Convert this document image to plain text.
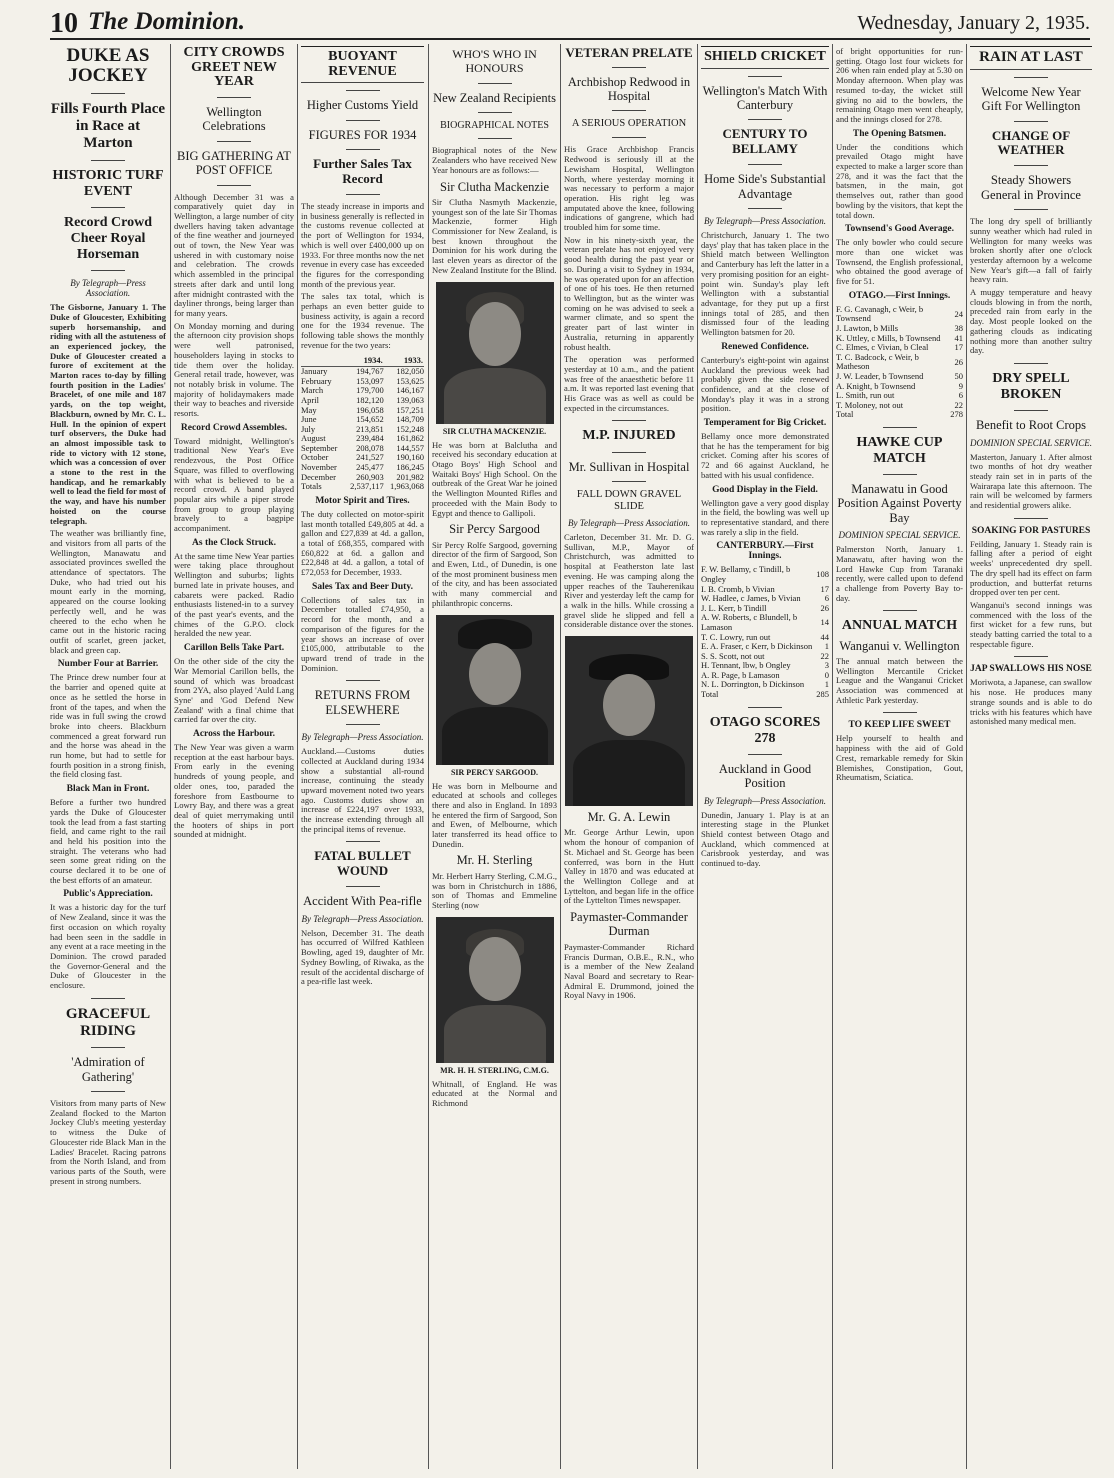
10 The Dominion.	Wednesday, January 2, 1935.
DUKE AS JOCKEY
Fills Fourth Place in Race at Marton
HISTORIC TURF EVENT
Record Crowd Cheer Royal Horseman
By Telegraph—Press Association.
The Gisborne, January 1. The Duke of Gloucester, Exhibiting superb horsemanship, and riding with all the astuteness of an experienced jockey, the Duke of Gloucester created a furore of excitement at the Marton races to-day by filling fourth position in the Ladies' Bracelet, of one mile and 187 yards, on the top weight, Blackburn, owned by Mr. C. L. Hull. In the opinion of expert turf observers, the Duke had an almost impossible task to ride to victory with 12 stone, which was a concession of over a stone to the rest in the handicap, and he remarkably well to lead the field for most of the way, and have his number hoisted on the course telegraph.
The weather was brilliantly fine, and visitors from all parts of the Wellington, Manawatu and associated provinces swelled the attendance of spectators. The Duke, who had tried out his mount early in the morning, appeared on the course looking perfectly well, and he was cheered to the echo when he came out in the historic racing outfit of scarlet, green jacket, black and green cap.
Number Four at Barrier.
The Prince drew number four at the barrier and opened quite at once as he settled the horse in front of the tapes, and when the ride was in full swing the crowd broke into cheers. Blackburn commenced a great forward run and the horse was ahead in the run home, but had to settle for fourth position in a strong finish, the field closing fast.
Black Man in Front.
Before a further two hundred yards the Duke of Gloucester took the lead from a fast starting field, and came right to the rail and held his position into the straight. The veterans who had seen some great riding on the course declared it to be one of the best efforts of an amateur.
Public's Appreciation.
It was a historic day for the turf of New Zealand, since it was the first occasion on which royalty had been seen in the saddle in any event at a race meeting in the Dominion. The crowd paraded the Governor-General and the Duke of Gloucester in the enclosure.
GRACEFUL RIDING
'Admiration of Gathering'
Visitors from many parts of New Zealand flocked to the Marton Jockey Club's meeting yesterday to witness the Duke of Gloucester ride Black Man in the Ladies' Bracelet. Racing patrons from the North Island, and from various parts of the South, were present in strong numbers.
CITY CROWDS GREET NEW YEAR
Wellington Celebrations
BIG GATHERING AT POST OFFICE
Although December 31 was a comparatively quiet day in Wellington, a large number of city dwellers having taken advantage of the fine weather and journeyed out of town, the New Year was ushered in with customary noise and celebration. The crowds which assembled in the principal streets after dark and until long after midnight contrasted with the dayliner throngs, being larger than for many years.
On Monday morning and during the afternoon city provision shops were well patronised, householders laying in stocks to tide them over the holiday. General retail trade, however, was not notably brisk in volume. The majority of holidaymakers made their way to beaches and riverside resorts.
Record Crowd Assembles.
Toward midnight, Wellington's traditional New Year's Eve rendezvous, the Post Office Square, was filled to overflowing with what is believed to be a record crowd. A band played popular airs while a piper strode from group to group playing bravely to a bagpipe accompaniment.
As the Clock Struck.
At the same time New Year parties were taking place throughout Wellington and suburbs; lights burned late in private houses, and cabarets were packed. Radio enthusiasts listened-in to a survey of the past year's events, and the chimes of the G.P.O. clock heralded the new year.
Carillon Bells Take Part.
On the other side of the city the War Memorial Carillon bells, the sound of which was broadcast from 2YA, also played 'Auld Lang Syne' and 'God Defend New Zealand' with a final chime that carried far over the city.
Across the Harbour.
The New Year was given a warm reception at the east harbour bays. From early in the evening hundreds of young people, and older ones, too, paraded the foreshore from Eastbourne to Lowry Bay, and there was a great deal of quiet merrymaking until the hooters of ships in port sounded at midnight.
BUOYANT REVENUE
Higher Customs Yield
FIGURES FOR 1934
Further Sales Tax Record
The steady increase in imports and in business generally is reflected in the customs revenue collected at the port of Wellington for 1934, which is well over £400,000 up on 1933. For three months now the net revenue in every case has exceeded the figures for the corresponding month of the previous year.
The sales tax total, which is perhaps an even better guide to business activity, is again a record one for the 1934 revenue. The following table shows the monthly revenue for the two years:
	1934.	1933.
January	194,767	182,050
February	153,097	153,625
March	179,700	146,167
April	182,120	139,063
May	196,058	157,251
June	154,652	148,709
July	213,851	152,248
August	239,484	161,862
September	208,078	144,557
October	241,527	190,160
November	245,477	186,245
December	260,903	201,982
Totals	2,537,117	1,963,068
Motor Spirit and Tires.
The duty collected on motor-spirit last month totalled £49,805 at 4d. a gallon and £27,839 at 4d. a gallon, a total of £68,355, compared with £60,822 at 6d. a gallon and £22,848 at 4d. a gallon, a total of £72,053 for December, 1933.
Sales Tax and Beer Duty.
Collections of sales tax in December totalled £74,950, a record for the month, and a comparison of the figures for the year shows an increase of over £105,000, attributable to the upward trend of trade in the Dominion.
RETURNS FROM ELSEWHERE
By Telegraph—Press Association.
Auckland.—Customs duties collected at Auckland during 1934 show a substantial all-round increase, continuing the steady upward movement noted two years ago. Customs duties show an increase of £224,197 over 1933, the increase extending through all the principal items of revenue.
FATAL BULLET WOUND
Accident With Pea-rifle
By Telegraph—Press Association.
Nelson, December 31. The death has occurred of Wilfred Kathleen Bowling, aged 19, daughter of Mr. Sydney Bowling, of Riwaka, as the result of the accidental discharge of a pea-rifle last week.
WHO'S WHO IN HONOURS
New Zealand Recipients
BIOGRAPHICAL NOTES
Biographical notes of the New Zealanders who have received New Year honours are as follows:—
Sir Clutha Mackenzie
Sir Clutha Nasmyth Mackenzie, youngest son of the late Sir Thomas Mackenzie, former High Commissioner for New Zealand, is best known throughout the Dominion for his work during the last eleven years as director of the New Zealand Institute for the Blind.
SIR CLUTHA MACKENZIE.
He was born at Balclutha and received his secondary education at Otago Boys' High School and Waitaki Boys' High School. On the outbreak of the Great War he joined the Wellington Mounted Rifles and proceeded with the Main Body to Egypt and thence to Gallipoli.
Sir Percy Sargood
Sir Percy Rolfe Sargood, governing director of the firm of Sargood, Son and Ewen, Ltd., of Dunedin, is one of the most prominent business men of the city, and has been associated with many commercial and philanthropic concerns.
SIR PERCY SARGOOD.
He was born in Melbourne and educated at schools and colleges there and also in England. In 1893 he entered the firm of Sargood, Son and Ewen, of Melbourne, which later transferred its head office to Dunedin.
Mr. H. Sterling
Mr. Herbert Harry Sterling, C.M.G., was born in Christchurch in 1886, son of Thomas and Emmeline Sterling (now
MR. H. H. STERLING, C.M.G.
Whitnall, of England. He was educated at the Normal and Richmond
VETERAN PRELATE
Archbishop Redwood in Hospital
A SERIOUS OPERATION
His Grace Archbishop Francis Redwood is seriously ill at the Lewisham Hospital, Wellington North, where yesterday morning it was necessary to perform a major operation. His right leg was amputated above the knee, following indications of gangrene, which had troubled him for some time.
Now in his ninety-sixth year, the veteran prelate has not enjoyed very good health during the past year or so. During a visit to Sydney in 1934, he was operated upon for an affection of one of his toes. He then returned to Wellington, but as the winter was coming on he was advised to seek a warmer climate, and so spent the greater part of last winter in Australia, returning in apparently robust health.
The operation was performed yesterday at 10 a.m., and the patient was free of the anaesthetic before 11 a.m. It was reported last evening that His Grace was as well as could be expected in the circumstances.
M.P. INJURED
Mr. Sullivan in Hospital
FALL DOWN GRAVEL SLIDE
By Telegraph—Press Association.
Carleton, December 31. Mr. D. G. Sullivan, M.P., Mayor of Christchurch, was admitted to hospital at Featherston late last evening. He was camping along the upper reaches of the Tauherenikau River and yesterday left the camp for a walk in the hills. While crossing a gravel slide he slipped and fell a considerable distance over the stones.
Mr. G. A. Lewin
Mr. George Arthur Lewin, upon whom the honour of companion of St. Michael and St. George has been conferred, was born in the Hutt Valley in 1870 and was educated at the Wellington College and at Lyttelton, and began life in the office of the Lyttelton Times newspaper.
Paymaster-Commander Durman
Paymaster-Commander Richard Francis Durman, O.B.E., R.N., who is a member of the New Zealand Naval Board and secretary to Rear-Admiral E. Drummond, joined the Royal Navy in 1906.
SHIELD CRICKET
Wellington's Match With Canterbury
CENTURY TO BELLAMY
Home Side's Substantial Advantage
By Telegraph—Press Association.
Christchurch, January 1. The two days' play that has taken place in the Shield match between Wellington and Canterbury has left the latter in a very promising position for an eight-point win. Sunday's play left Wellington with a substantial advantage, for they put up a first innings total of 285, and then dismissed four of the leading Wellington batsmen for 20.
Renewed Confidence.
Canterbury's eight-point win against Auckland the previous week had probably given the side renewed confidence, and at the close of Monday's play it was in a strong position.
Temperament for Big Cricket.
Bellamy once more demonstrated that he has the temperament for big cricket. Coming after his scores of 72 and 66 against Auckland, he batted with his usual confidence.
Good Display in the Field.
Wellington gave a very good display in the field, the bowling was well up to representative standard, and there was rarely a slip in the field.
CANTERBURY.—First Innings.
F. W. Bellamy, c Tindill, b Ongley	108
I. B. Cromb, b Vivian	17
W. Hadlee, c James, b Vivian	6
J. L. Kerr, b Tindill	26
A. W. Roberts, c Blundell, b Lamason	14
T. C. Lowry, run out	44
E. A. Fraser, c Kerr, b Dickinson	1
S. S. Scott, not out	22
H. Tennant, lbw, b Ongley	3
A. R. Page, b Lamason	0
N. L. Dorrington, b Dickinson	1
Total	285
OTAGO SCORES 278
Auckland in Good Position
By Telegraph—Press Association.
Dunedin, January 1. Play is at an interesting stage in the Plunket Shield contest between Otago and Auckland, which commenced at Carisbrook yesterday, and was continued to-day.
of bright opportunities for run-getting. Otago lost four wickets for 206 when rain ended play at 5.30 on Monday afternoon. When play was resumed to-day, the wicket still giving no aid to the bowlers, the remaining Otago men went cheaply, and the innings closed for 278.
The Opening Batsmen.
Under the conditions which prevailed Otago might have expected to make a larger score than 278, and it was the fact that the batsmen, in the main, got themselves out, rather than good bowling by the visitors, that kept the total down.
Townsend's Good Average.
The only bowler who could secure more than one wicket was Townsend, the English professional, who obtained the good average of five for 51.
OTAGO.—First Innings.
F. G. Cavanagh, c Weir, b Townsend	24
J. Lawton, b Mills	38
K. Uttley, c Mills, b Townsend	41
C. Elmes, c Vivian, b Cleal	17
T. C. Badcock, c Weir, b Matheson	26
J. W. Leader, b Townsend	50
A. Knight, b Townsend	9
L. Smith, run out	6
T. Moloney, not out	22
Total	278
HAWKE CUP MATCH
Manawatu in Good Position Against Poverty Bay
DOMINION SPECIAL SERVICE.
Palmerston North, January 1. Manawatu, after having won the Lord Hawke Cup from Taranaki recently, were called upon to defend a challenge from Poverty Bay to-day.
ANNUAL MATCH
Wanganui v. Wellington
The annual match between the Wellington Mercantile Cricket League and the Wanganui Cricket Association was commenced at Athletic Park yesterday.
TO KEEP LIFE SWEET
Help yourself to health and happiness with the aid of Gold Crest, remarkable remedy for Skin Blemishes, Constipation, Gout, Rheumatism, Sciatica.
RAIN AT LAST
Welcome New Year Gift For Wellington
CHANGE OF WEATHER
Steady Showers General in Province
The long dry spell of brilliantly sunny weather which had ruled in Wellington for many weeks was broken shortly after one o'clock yesterday afternoon by a welcome New Year's gift—a fall of fairly heavy rain.
A muggy temperature and heavy clouds blowing in from the north, preceded rain from early in the day. Most people looked on the gathering clouds as indicating nothing more than another sultry day.
DRY SPELL BROKEN
Benefit to Root Crops
DOMINION SPECIAL SERVICE.
Masterton, January 1. After almost two months of hot dry weather steady rain set in in parts of the Wairarapa late this afternoon. The rain will be welcomed by farmers and residential growers alike.
SOAKING FOR PASTURES
Feilding, January 1. Steady rain is falling after a period of eight weeks' unprecedented dry spell. The dry spell had its effect on farm production, and butterfat returns dropped over ten per cent.
Wanganui's second innings was commenced with the loss of the first wicket for a few runs, but steady batting carried the total to a respectable figure.
JAP SWALLOWS HIS NOSE
Moriwota, a Japanese, can swallow his nose. He produces many strange sounds and is able to do tricks with his features which have astonished many medical men.
